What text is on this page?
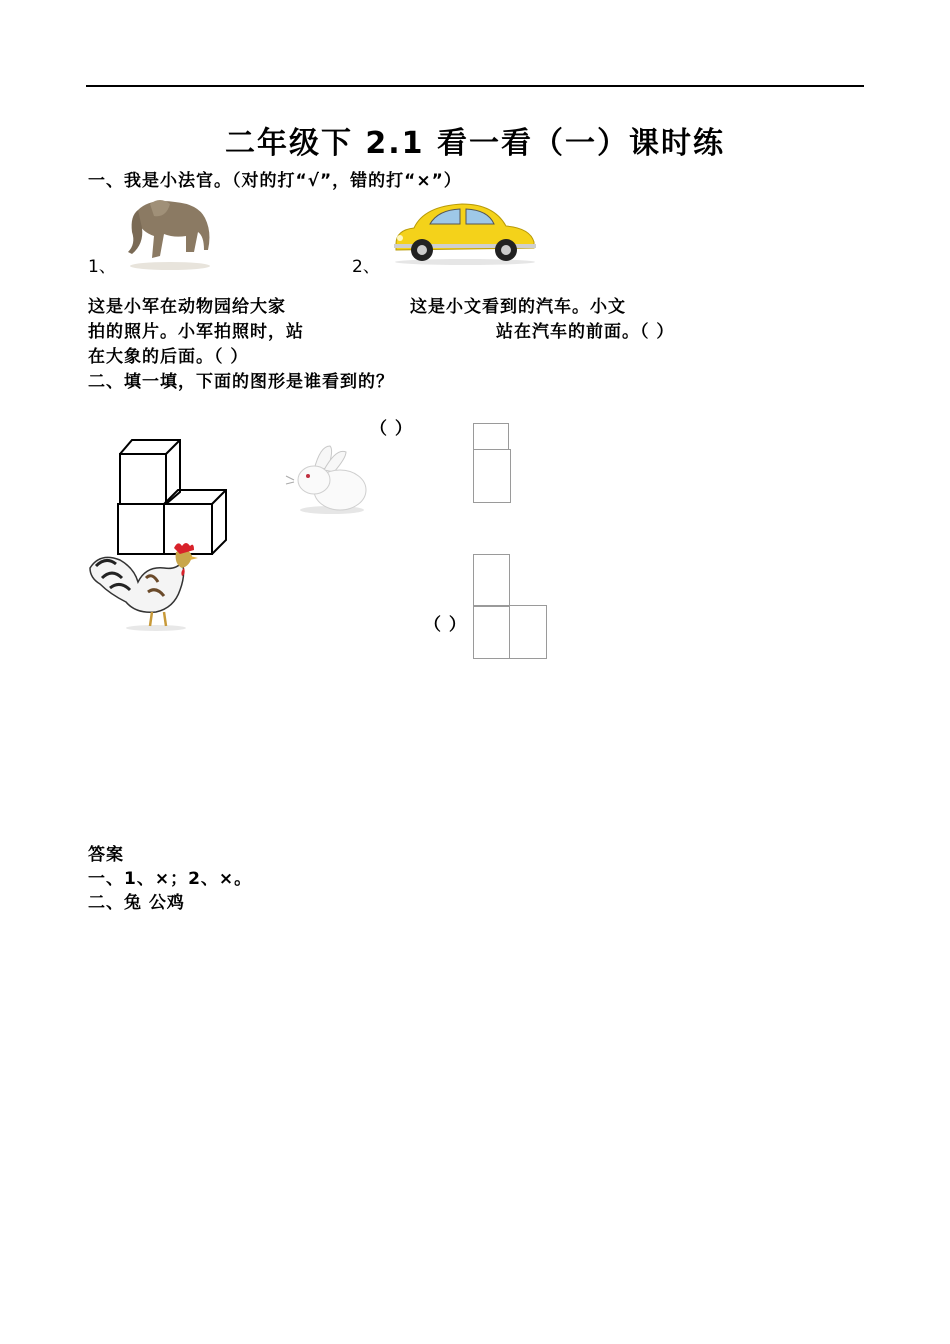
二年级下 2.1 看一看（一）课时练
一、我是小法官。（对的打“√”，错的打“×”）
1、	2、
这是小军在动物园给大家
拍的照片。小军拍照时，站
在大象的后面。（ ）
这是小文看到的汽车。小文
站在汽车的前面。（ ）
二、填一填，下面的图形是谁看到的？
（ ）
（ ）
答案
一、1、×；2、×。
二、兔 公鸡
